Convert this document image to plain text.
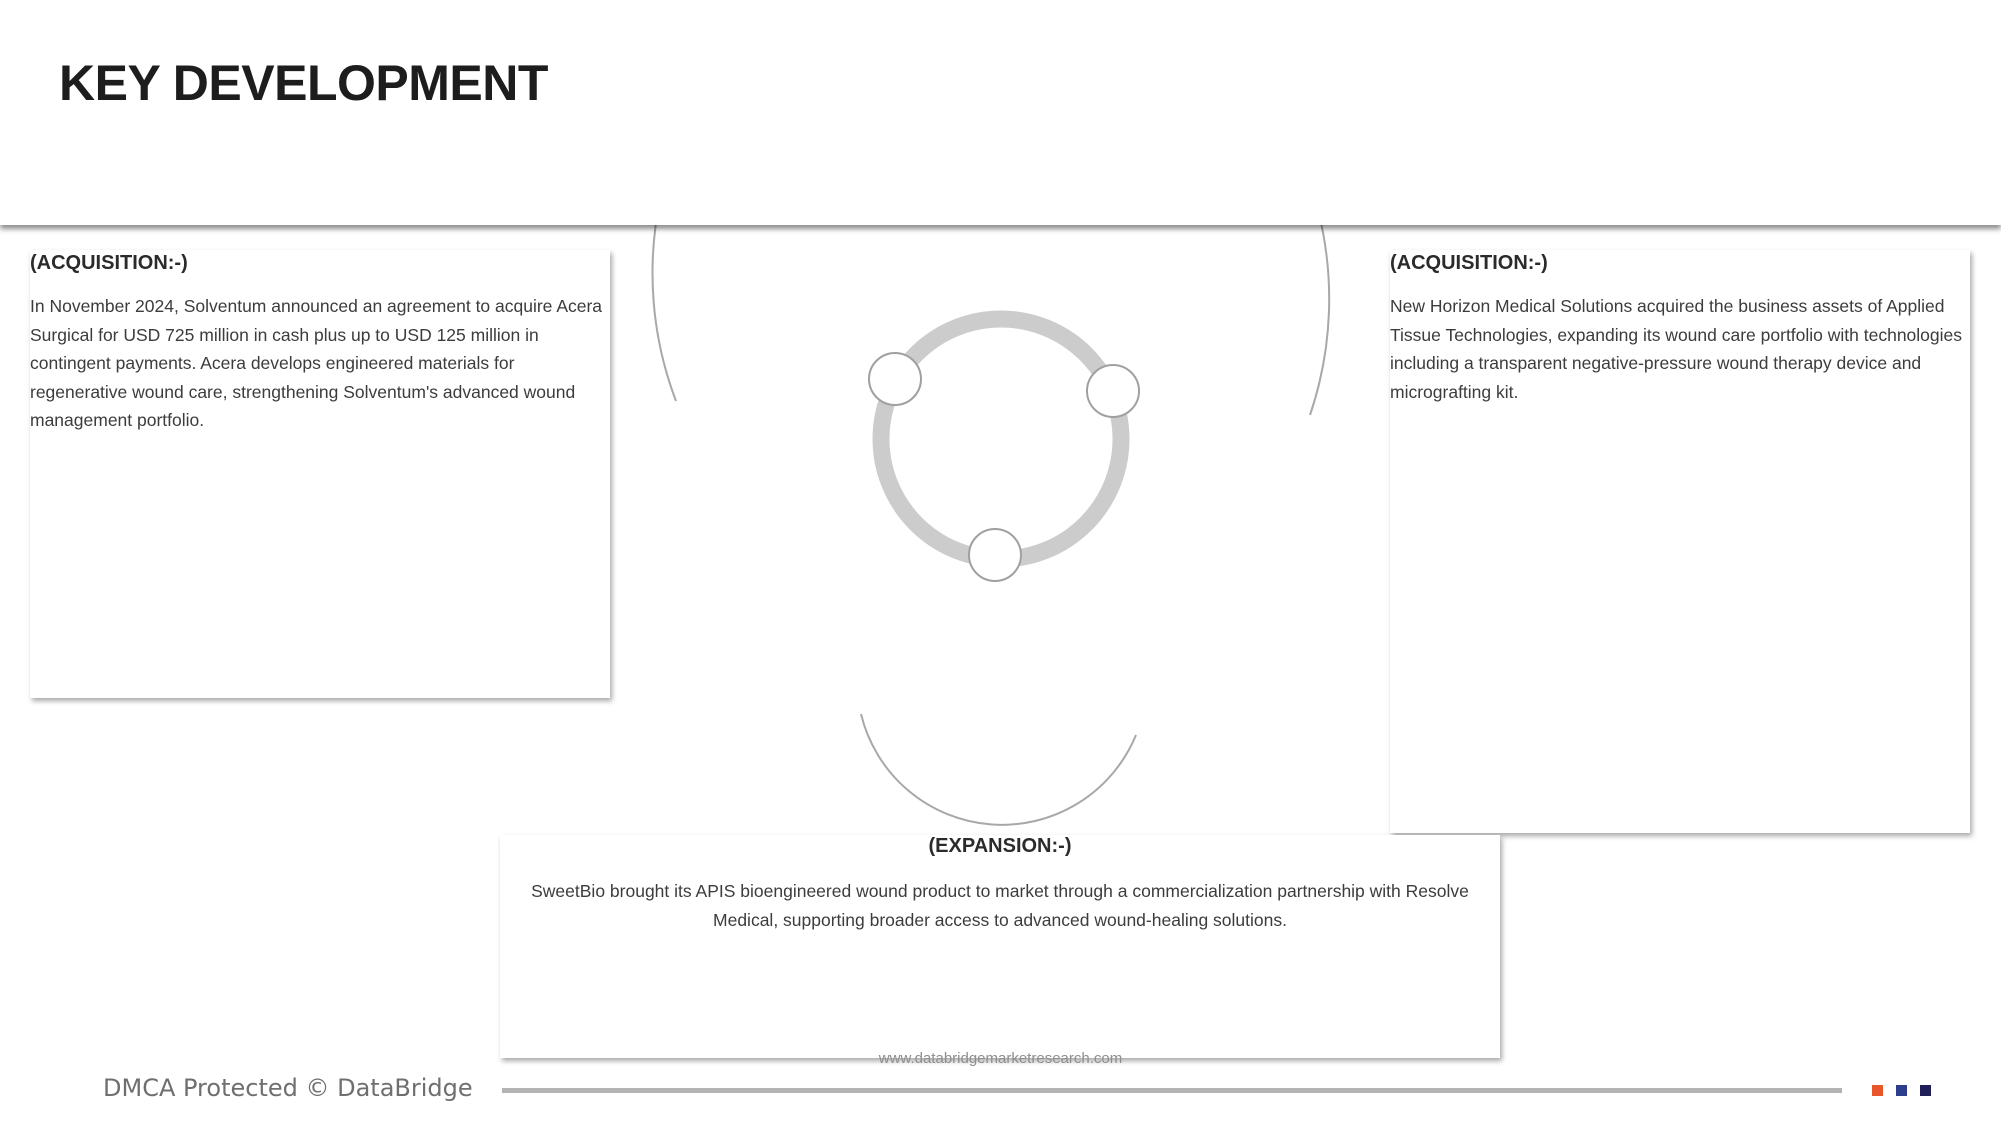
KEY DEVELOPMENT
(ACQUISITION:-)

In November 2024, Solventum announced an agreement to acquire Acera Surgical for USD 725 million in cash plus up to USD 125 million in contingent payments. Acera develops engineered materials for regenerative wound care, strengthening Solventum's advanced wound management portfolio.

(ACQUISITION:-)

New Horizon Medical Solutions acquired the business assets of Applied Tissue Technologies, expanding its wound care portfolio with technologies including a transparent negative-pressure wound therapy device and micrografting kit.

(EXPANSION:-)

SweetBio brought its APIS bioengineered wound product to market through a commercialization partnership with Resolve Medical, supporting broader access to advanced wound-healing solutions.

www.databridgemarketresearch.com
DMCA Protected © DataBridge
